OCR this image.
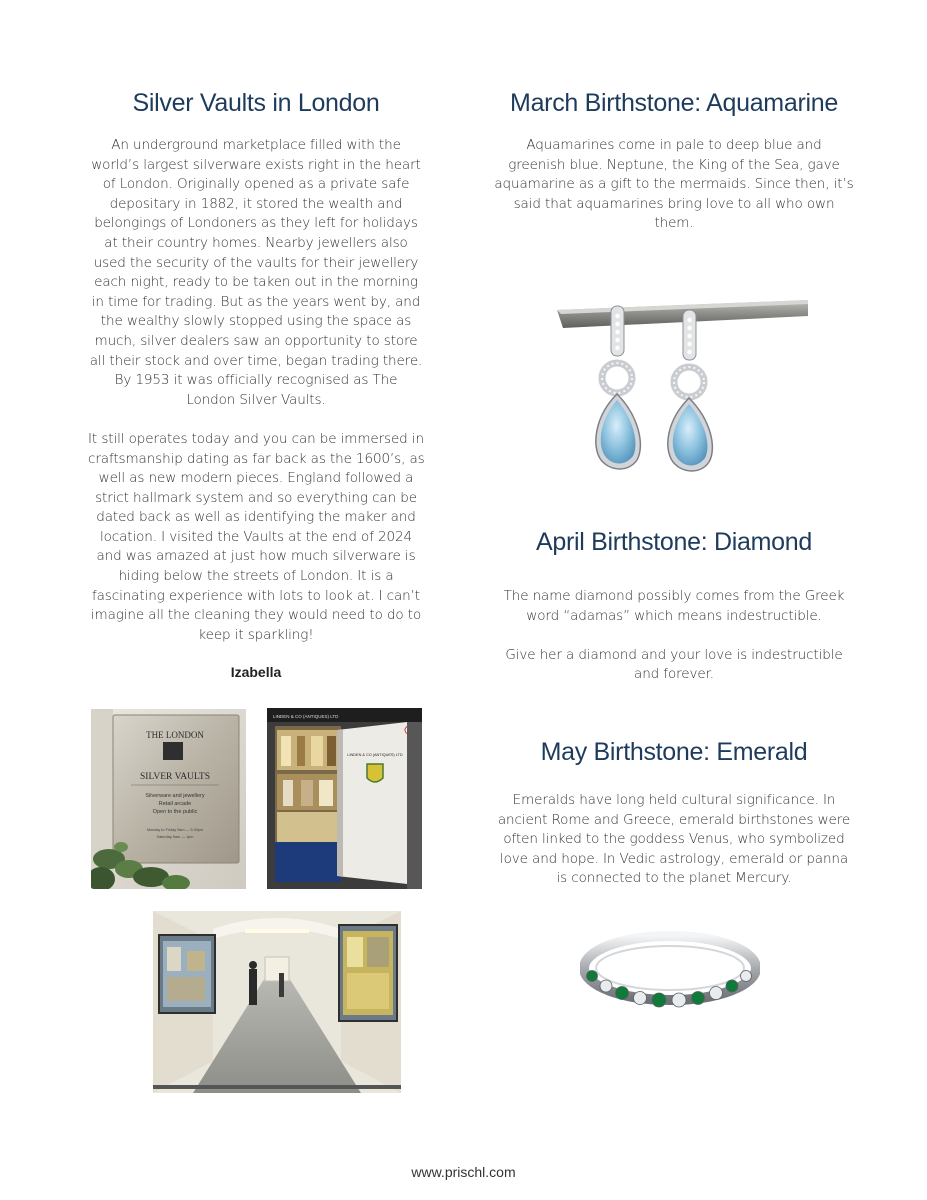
Silver Vaults in London

An underground marketplace filled with the
world’s largest silverware exists right in the heart
of London. Originally opened as a private safe
depositary in 1882, it stored the wealth and
belongings of Londoners as they left for holidays
at their country homes. Nearby jewellers also
used the security of the vaults for their jewellery
each night, ready to be taken out in the morning
in time for trading. But as the years went by, and
the wealthy slowly stopped using the space as
much, silver dealers saw an opportunity to store
all their stock and over time, began trading there.
By 1953 it was officially recognised as The
London Silver Vaults.

It still operates today and you can be immersed in
craftsmanship dating as far back as the 1600’s, as
well as new modern pieces. England followed a
strict hallmark system and so everything can be
dated back as well as identifying the maker and
location. I visited the Vaults at the end of 2024
and was amazed at just how much silverware is
hiding below the streets of London. It is a
fascinating experience with lots to look at. I can’t
imagine all the cleaning they would need to do to
keep it sparkling!

Izabella
THE LONDON
SILVER VAULTS
Silverware and jewellery
Retail arcade
Open to the public
Monday to Friday 9am — 5.30pm
Saturday 9am — 1pm
LINDEN & CO (ANTIQUES) LTD
LINDEN & CO (ANTIQUES) LTD
March Birthstone: Aquamarine

Aquamarines come in pale to deep blue and
greenish blue. Neptune, the King of the Sea, gave
aquamarine as a gift to the mermaids. Since then, it’s
said that aquamarines bring love to all who own
them.

April Birthstone: Diamond

The name diamond possibly comes from the Greek
word “adamas” which means indestructible.

Give her a diamond and your love is indestructible
and forever.

May Birthstone: Emerald

Emeralds have long held cultural significance. In
ancient Rome and Greece, emerald birthstones were
often linked to the goddess Venus, who symbolized
love and hope. In Vedic astrology, emerald or panna
is connected to the planet Mercury.

www.prischl.com
